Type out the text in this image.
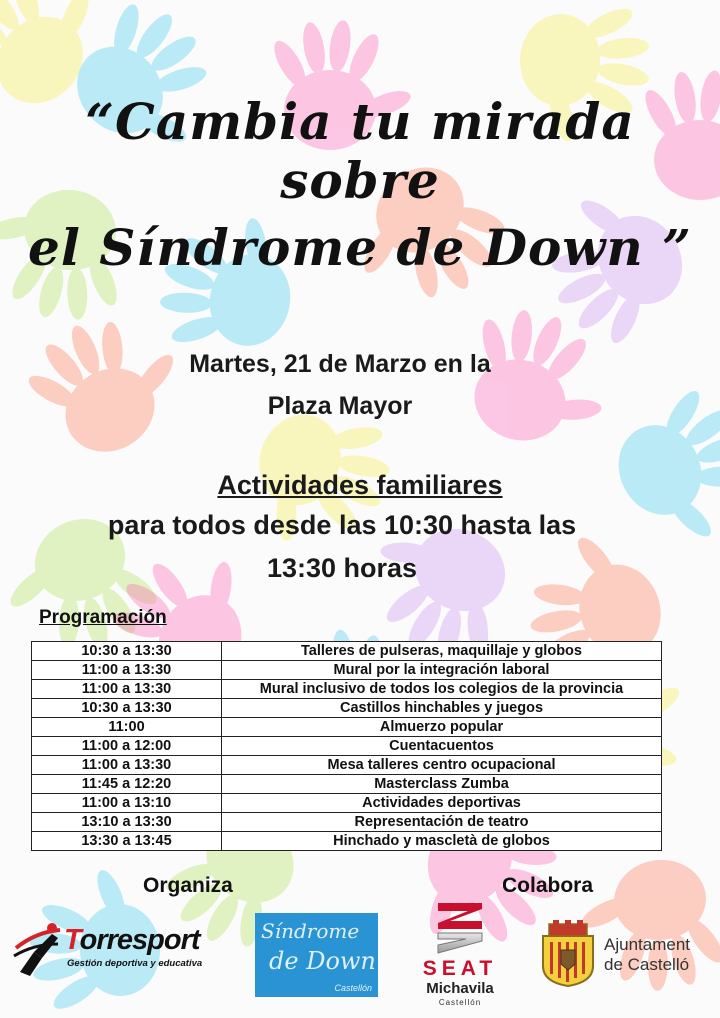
“Cambia tu mirada sobre
el Síndrome de Down ”
Martes, 21 de Marzo en la
Plaza Mayor
Actividades familiares
para todos desde las 10:30 hasta las
13:30 horas
Programación
10:30 a 13:30	Talleres de pulseras, maquillaje y globos
11:00 a 13:30	Mural por la integración laboral
11:00 a 13:30	Mural inclusivo de todos los colegios de la provincia
10:30 a 13:30	Castillos hinchables y juegos
11:00	Almuerzo popular
11:00 a 12:00	Cuentacuentos
11:00 a 13:30	Mesa talleres centro ocupacional
11:45 a 12:20	Masterclass Zumba
11:00 a 13:10	Actividades deportivas
13:10 a 13:30	Representación de teatro
13:30 a 13:45	Hinchado y mascletà de globos
Organiza	Colabora
Torresport
Gestión deportiva y educativa
Síndrome
de Down
Castellón
SEAT
Michavila
Castellón
Ajuntament
de Castelló
